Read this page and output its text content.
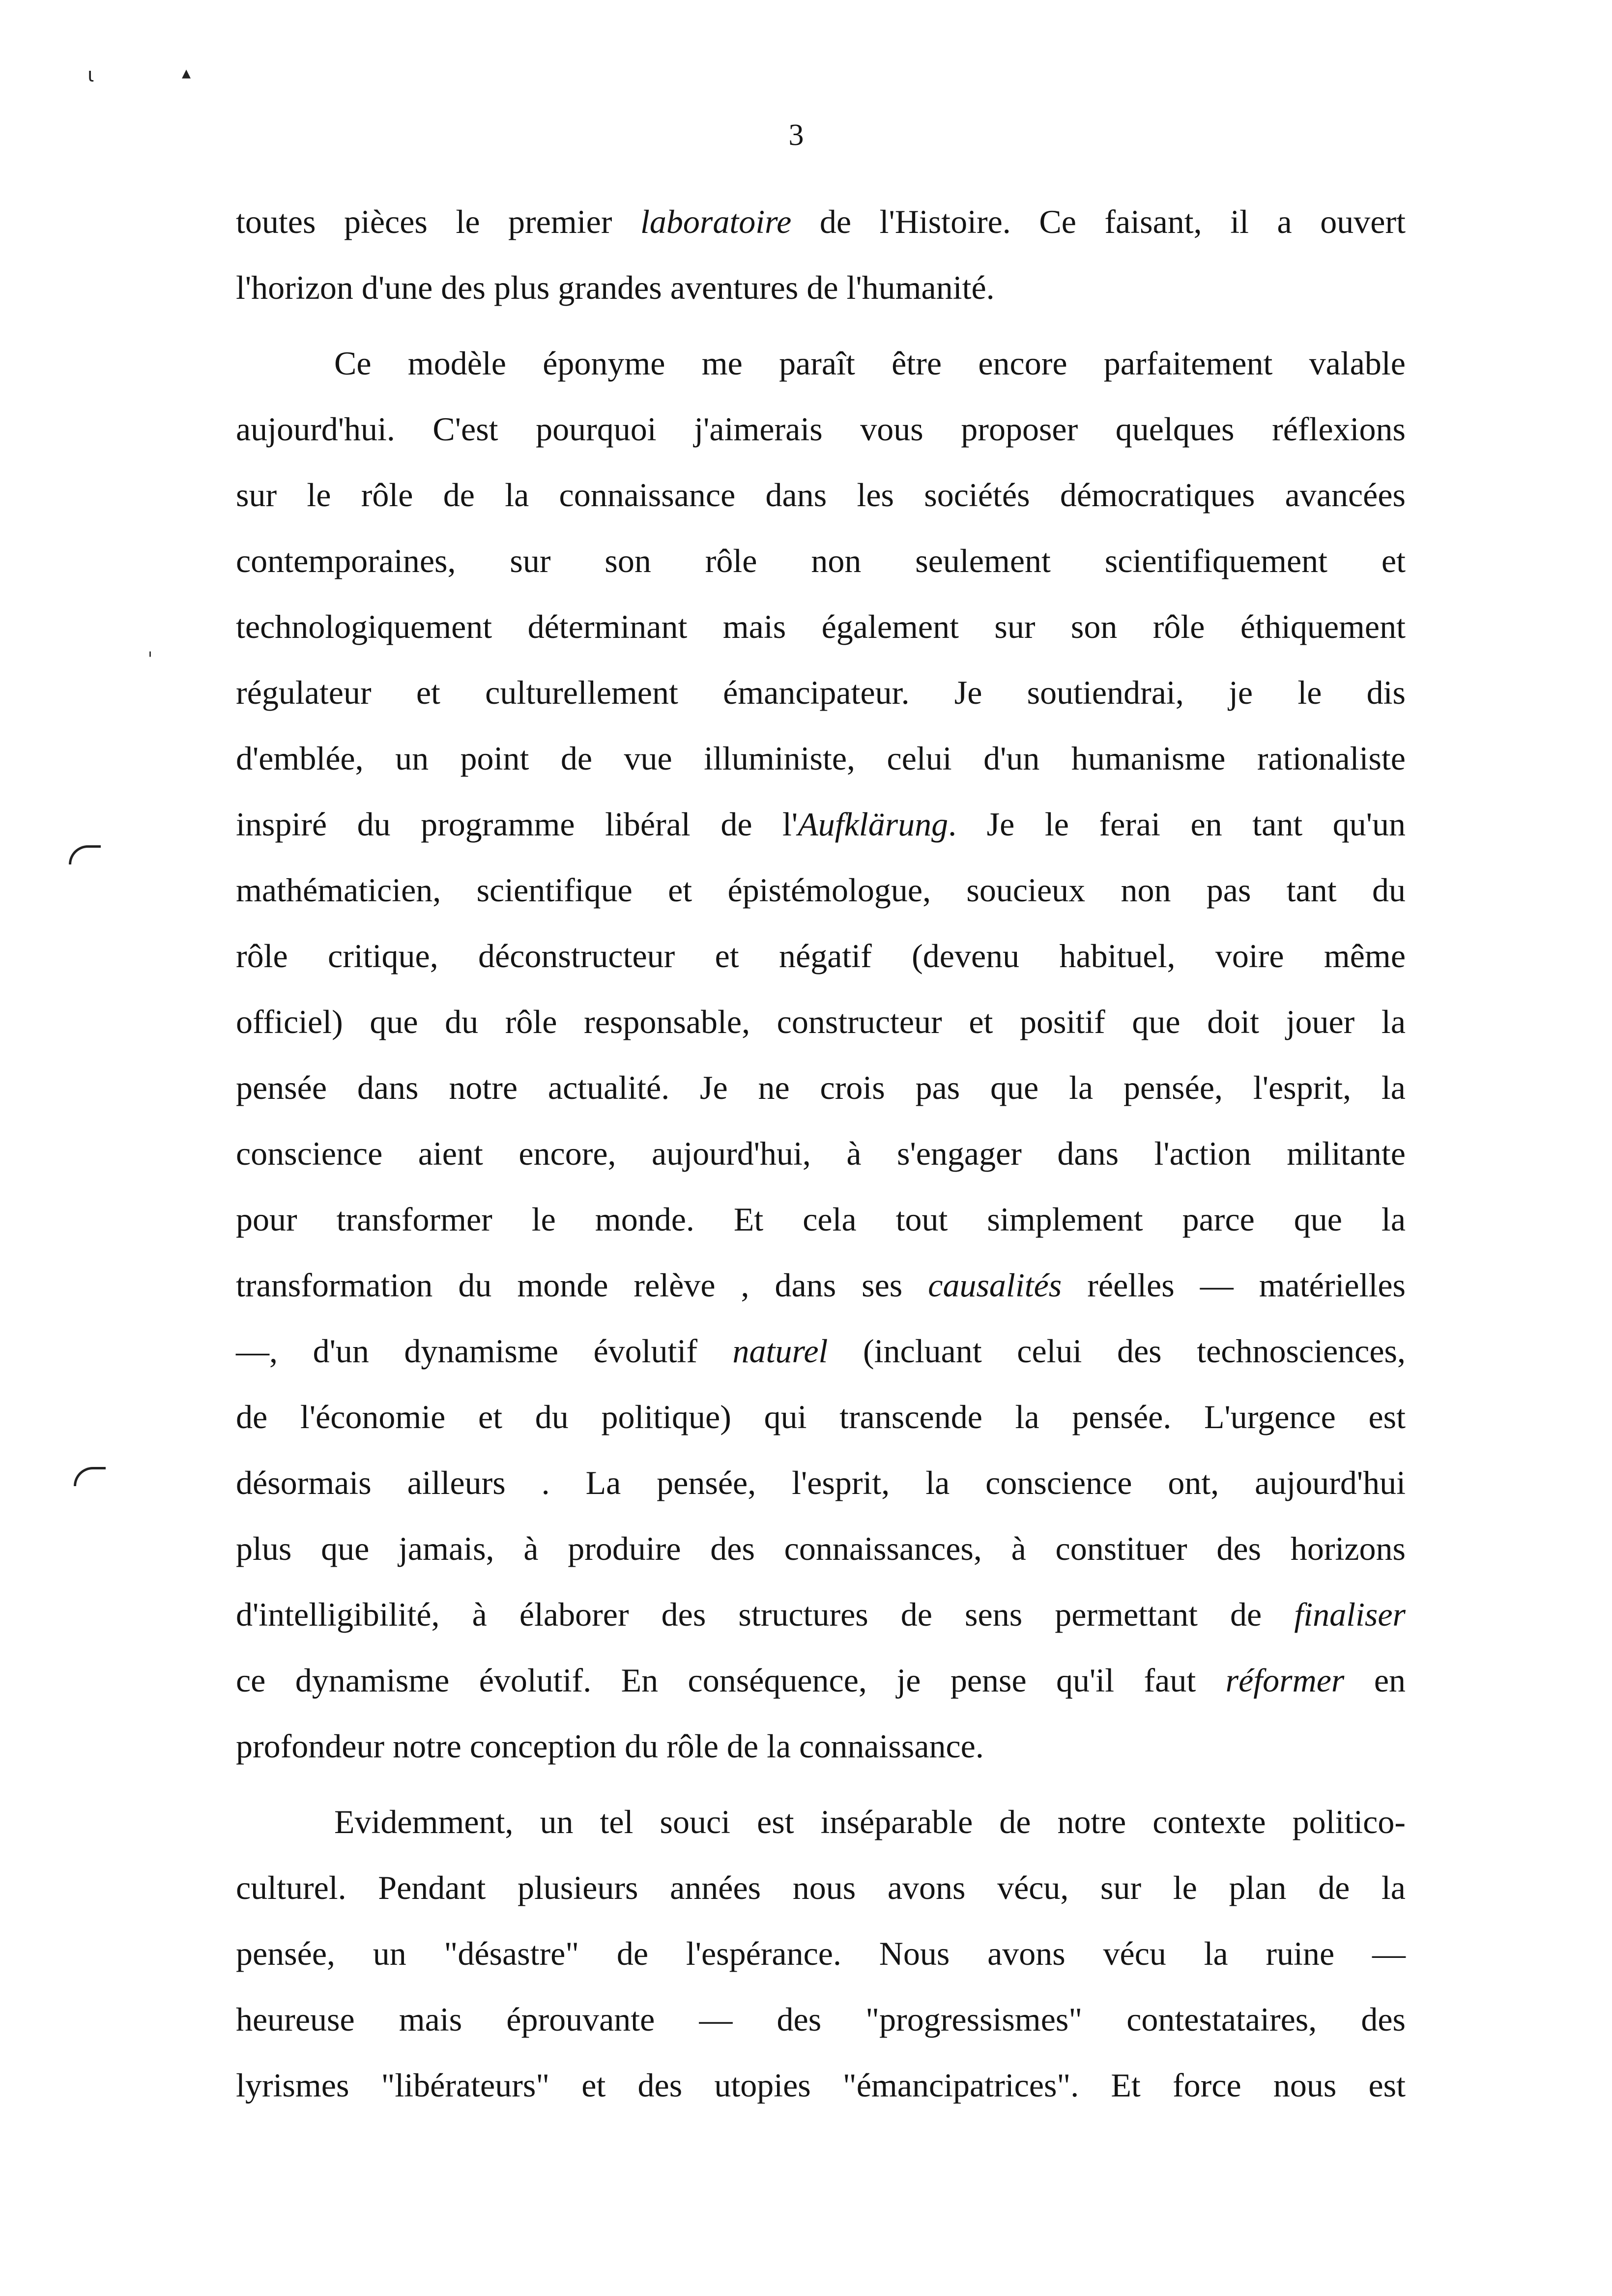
3
ι	▴
ˈ
toutes pièces le premier laboratoire de l'Histoire. Ce faisant, il a ouvert
l'horizon d'une des plus grandes aventures de l'humanité.
Ce modèle éponyme me paraît être encore parfaitement valable
aujourd'hui. C'est pourquoi j'aimerais vous proposer quelques réflexions
sur le rôle de la connaissance dans les sociétés démocratiques avancées
contemporaines, sur son rôle non seulement scientifiquement et
technologiquement déterminant mais également sur son rôle éthiquement
régulateur et culturellement émancipateur. Je soutiendrai, je le dis
d'emblée, un point de vue illuministe, celui d'un humanisme rationaliste
inspiré du programme libéral de l'Aufklärung. Je le ferai en tant qu'un
mathématicien, scientifique et épistémologue, soucieux non pas tant du
rôle critique, déconstructeur et négatif (devenu habituel, voire même
officiel) que du rôle responsable, constructeur et positif que doit jouer la
pensée dans notre actualité. Je ne crois pas que la pensée, l'esprit, la
conscience aient encore, aujourd'hui, à s'engager dans l'action militante
pour transformer le monde. Et cela tout simplement parce que la
transformation du monde relève , dans ses causalités réelles — matérielles
—, d'un dynamisme évolutif naturel (incluant celui des technosciences,
de l'économie et du politique) qui transcende la pensée. L'urgence est
désormais ailleurs . La pensée, l'esprit, la conscience ont, aujourd'hui
plus que jamais, à produire des connaissances, à constituer des horizons
d'intelligibilité, à élaborer des structures de sens permettant de finaliser
ce dynamisme évolutif. En conséquence, je pense qu'il faut réformer en
profondeur notre conception du rôle de la connaissance.
Evidemment, un tel souci est inséparable de notre contexte politico-
culturel. Pendant plusieurs années nous avons vécu, sur le plan de la
pensée, un "désastre" de l'espérance. Nous avons vécu la ruine —
heureuse mais éprouvante — des "progressismes" contestataires, des
lyrismes "libérateurs" et des utopies "émancipatrices". Et force nous est
